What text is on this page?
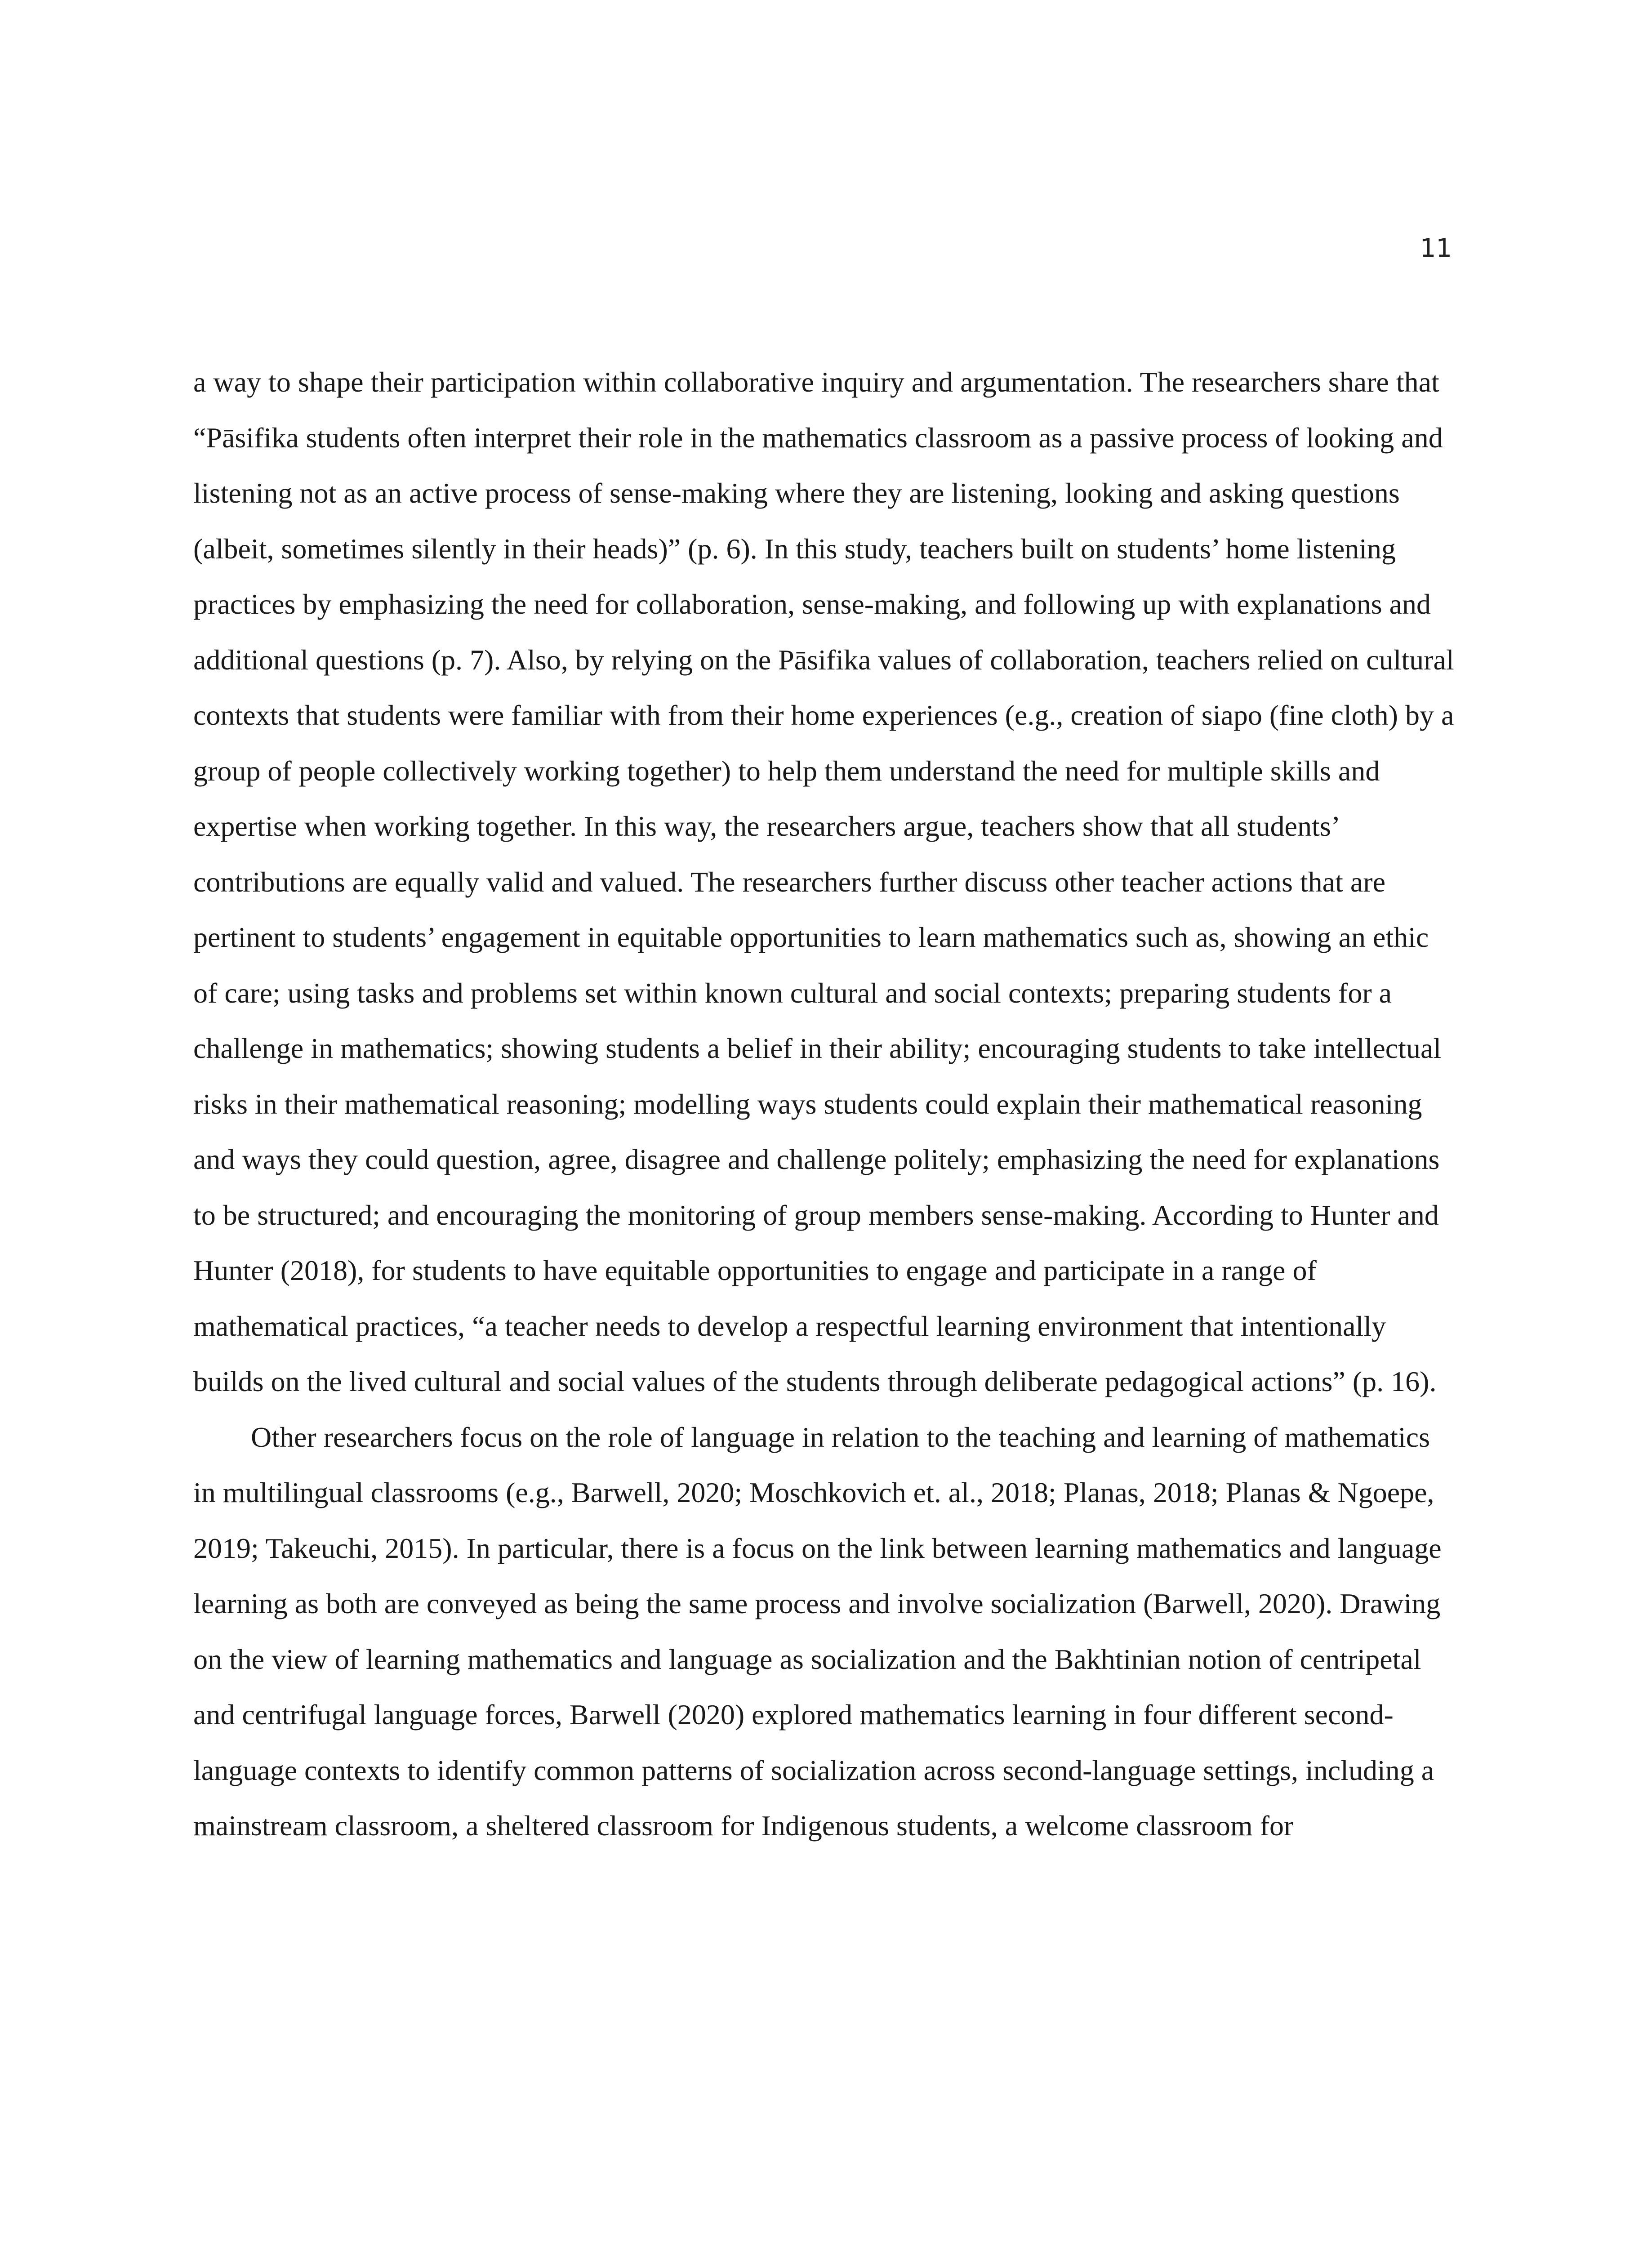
11

a way to shape their participation within collaborative inquiry and argumentation. The researchers share that “Pāsifika students often interpret their role in the mathematics classroom as a passive process of looking and listening not as an active process of sense-making where they are listening, looking and asking questions (albeit, sometimes silently in their heads)” (p. 6). In this study, teachers built on students’ home listening practices by emphasizing the need for collaboration, sense-making, and following up with explanations and additional questions (p. 7). Also, by relying on the Pāsifika values of collaboration, teachers relied on cultural contexts that students were familiar with from their home experiences (e.g., creation of siapo (fine cloth) by a group of people collectively working together) to help them understand the need for multiple skills and expertise when working together. In this way, the researchers argue, teachers show that all students’ contributions are equally valid and valued. The researchers further discuss other teacher actions that are pertinent to students’ engagement in equitable opportunities to learn mathematics such as, showing an ethic of care; using tasks and problems set within known cultural and social contexts; preparing students for a challenge in mathematics; showing students a belief in their ability; encouraging students to take intellectual risks in their mathematical reasoning; modelling ways students could explain their mathematical reasoning and ways they could question, agree, disagree and challenge politely; emphasizing the need for explanations to be structured; and encouraging the monitoring of group members sense-making. According to Hunter and Hunter (2018), for students to have equitable opportunities to engage and participate in a range of mathematical practices, “a teacher needs to develop a respectful learning environment that intentionally builds on the lived cultural and social values of the students through deliberate pedagogical actions” (p. 16).

Other researchers focus on the role of language in relation to the teaching and learning of mathematics in multilingual classrooms (e.g., Barwell, 2020; Moschkovich et. al., 2018; Planas, 2018; Planas & Ngoepe, 2019; Takeuchi, 2015). In particular, there is a focus on the link between learning mathematics and language learning as both are conveyed as being the same process and involve socialization (Barwell, 2020). Drawing on the view of learning mathematics and language as socialization and the Bakhtinian notion of centripetal and centrifugal language forces, Barwell (2020) explored mathematics learning in four different second-language contexts to identify common patterns of socialization across second-language settings, including a mainstream classroom, a sheltered classroom for Indigenous students, a welcome classroom for
